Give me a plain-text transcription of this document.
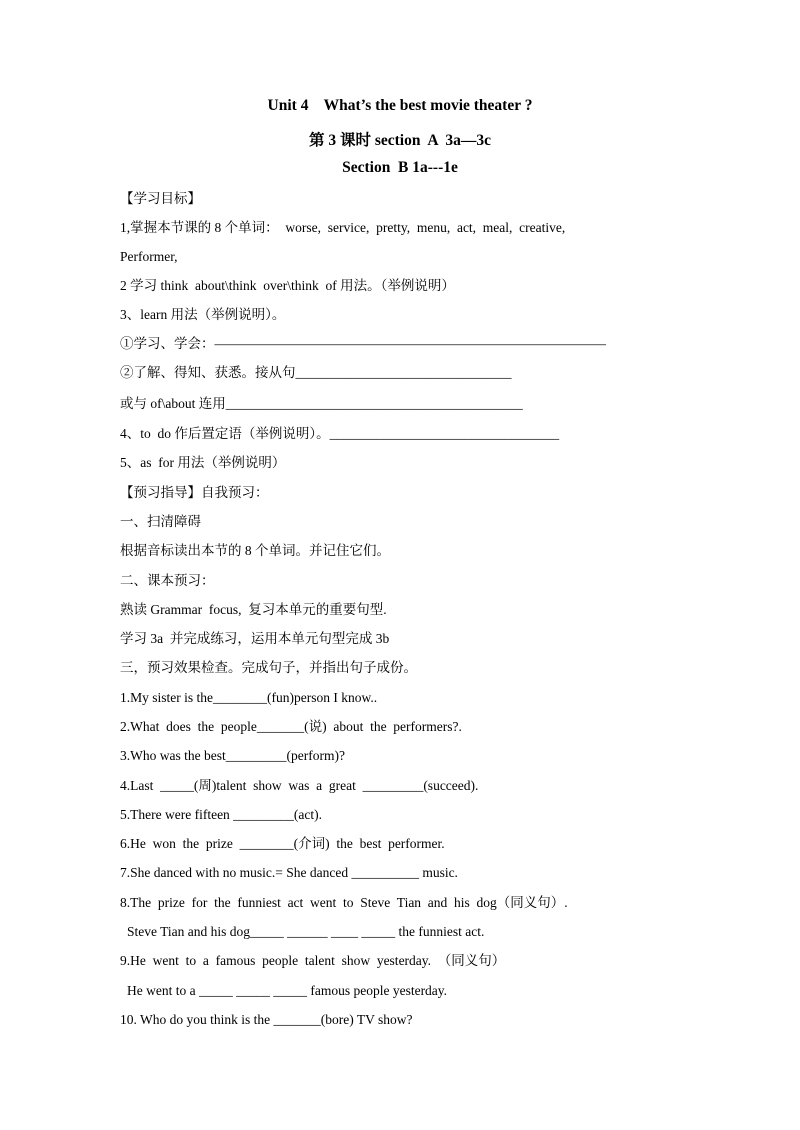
Unit 4    What’s the best movie theater ?
第 3 课时 section  A  3a—3c
Section  B 1a---1e
【学习目标】
1,掌握本节课的 8 个单词：  worse,  service,  pretty,  menu,  act,  meal,  creative,
Performer,
2 学习 think  about\think  over\think  of 用法。（举例说明）
3、learn 用法（举例说明）。
①学习、学会：—————————————————————————————
②了解、得知、获悉。接从句________________________________
或与 of\about 连用____________________________________________
4、to  do 作后置定语（举例说明）。__________________________________
5、as  for 用法（举例说明）
【预习指导】自我预习：
一、扫清障碍
根据音标读出本节的 8 个单词。并记住它们。
二、课本预习：
熟读 Grammar  focus,  复习本单元的重要句型.
学习 3a  并完成练习，运用本单元句型完成 3b
三，预习效果检查。完成句子，并指出句子成份。
1.My sister is the________(fun)person I know..
2.What  does  the  people_______(说)  about  the  performers?.
3.Who was the best_________(perform)?
4.Last  _____(周)talent  show  was  a  great  _________(succeed).
5.There were fifteen _________(act).
6.He  won  the  prize  ________(介词)  the  best  performer.
7.She danced with no music.= She danced __________ music.
8.The  prize  for  the  funniest  act  went  to  Steve  Tian  and  his  dog（同义句）.
Steve Tian and his dog_____ ______ ____ _____ the funniest act.
9.He  went  to  a  famous  people  talent  show  yesterday.  （同义句）
He went to a _____ _____ _____ famous people yesterday.
10. Who do you think is the _______(bore) TV show?
